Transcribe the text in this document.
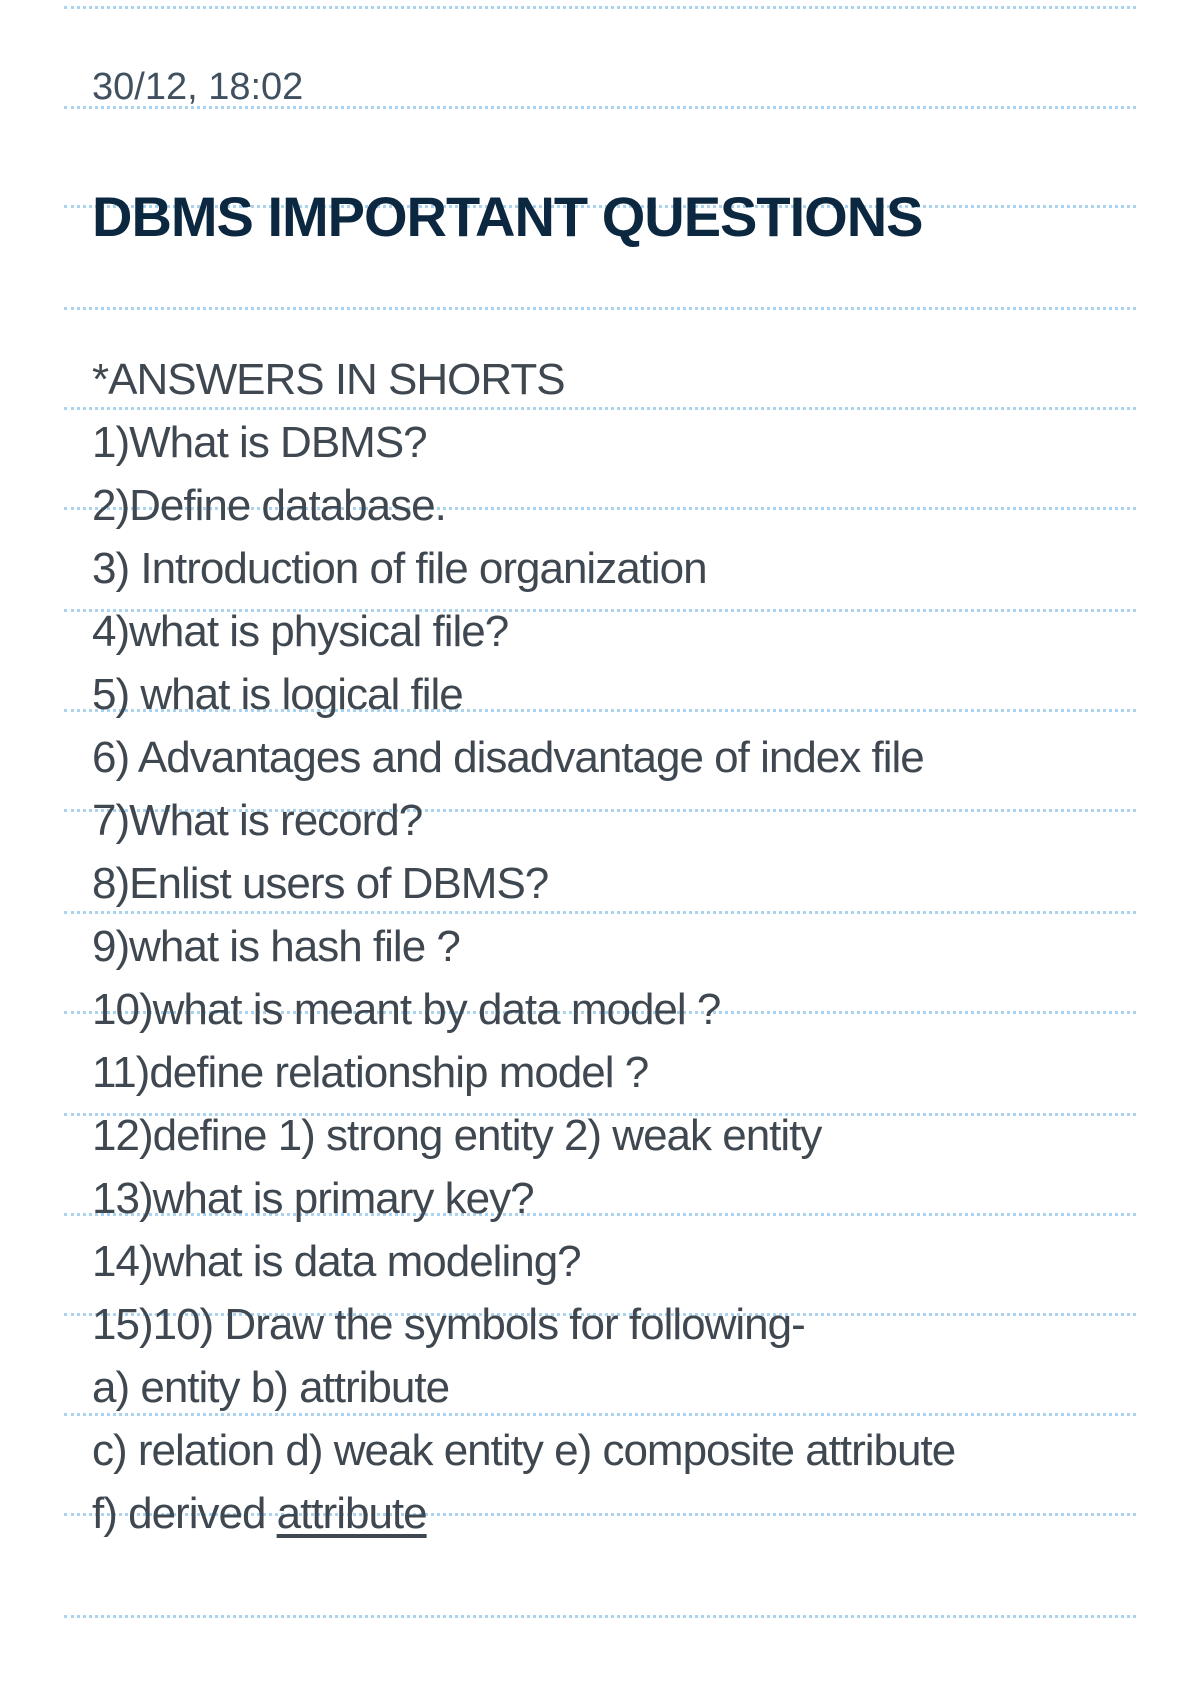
30/12, 18:02
DBMS IMPORTANT QUESTIONS
*ANSWERS IN SHORTS
1)What is DBMS?
2)Define database.
3) Introduction of file organization
4)what is physical file?
5) what is logical file
6) Advantages and disadvantage of index file
7)What is record?
8)Enlist users of DBMS?
9)what is hash file ?
10)what is meant by data model ?
11)define relationship model ?
12)define 1) strong entity 2) weak entity
13)what is primary key?
14)what is data modeling?
15)10) Draw the symbols for following-
a) entity b) attribute
c) relation d) weak entity e) composite attribute
f) derived attribute
